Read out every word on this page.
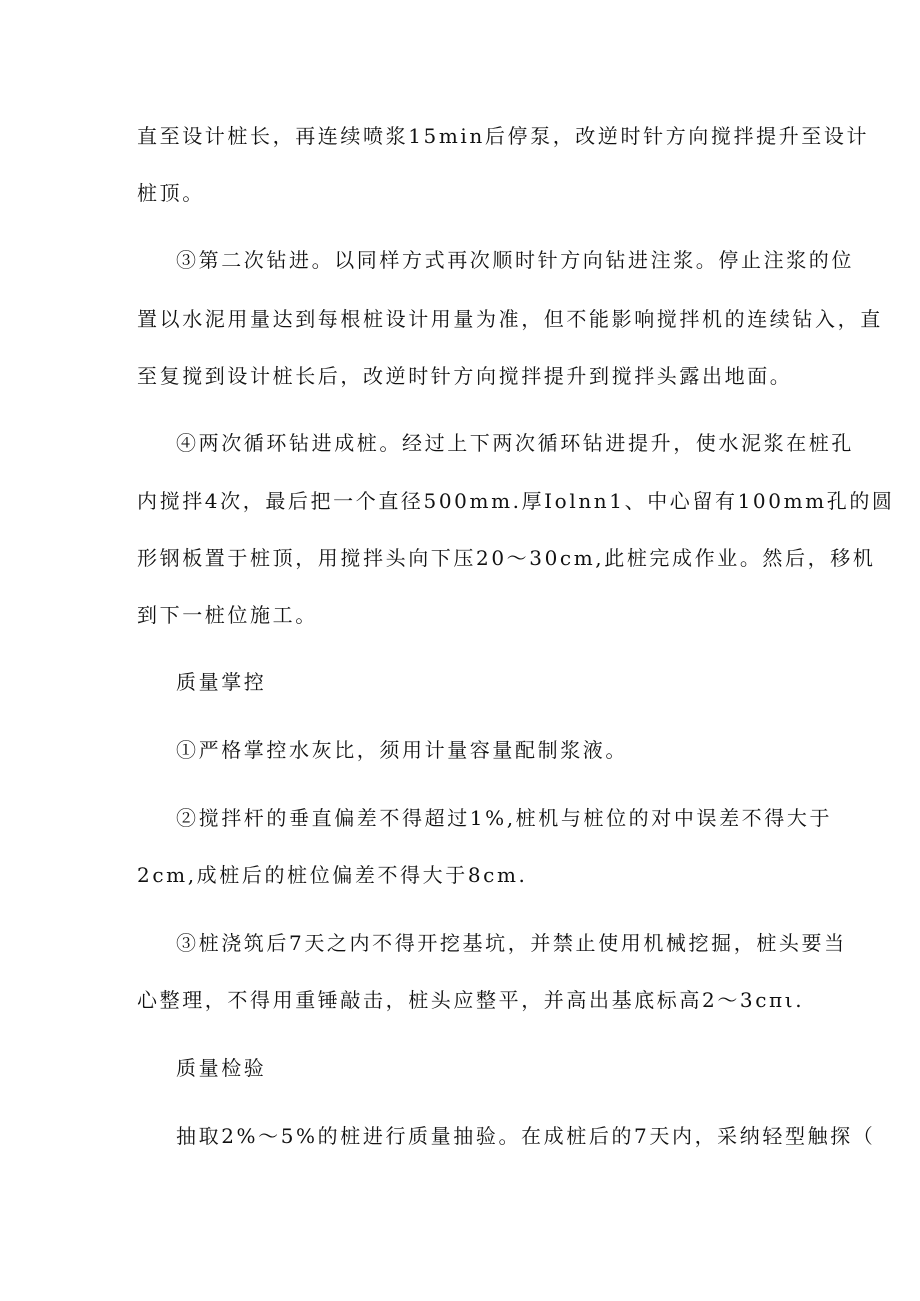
直至设计桩长，再连续喷浆15min后停泵，改逆时针方向搅拌提升至设计
桩顶。
③第二次钻进。以同样方式再次顺时针方向钻进注浆。停止注浆的位
置以水泥用量达到每根桩设计用量为准，但不能影响搅拌机的连续钻入，直
至复搅到设计桩长后，改逆时针方向搅拌提升到搅拌头露出地面。
④两次循环钻进成桩。经过上下两次循环钻进提升，使水泥浆在桩孔
内搅拌4次，最后把一个直径500mm.厚Iolnn1、中心留有100mm孔的圆
形钢板置于桩顶，用搅拌头向下压20～30cm,此桩完成作业。然后，移机
到下一桩位施工。
质量掌控
①严格掌控水灰比，须用计量容量配制浆液。
②搅拌杆的垂直偏差不得超过1%,桩机与桩位的对中误差不得大于
2cm,成桩后的桩位偏差不得大于8cm.
③桩浇筑后7天之内不得开挖基坑，并禁止使用机械挖掘，桩头要当
心整理，不得用重锤敲击，桩头应整平，并高出基底标高2～3cπι.
质量检验
抽取2%～5%的桩进行质量抽验。在成桩后的7天内，采纳轻型触探（
